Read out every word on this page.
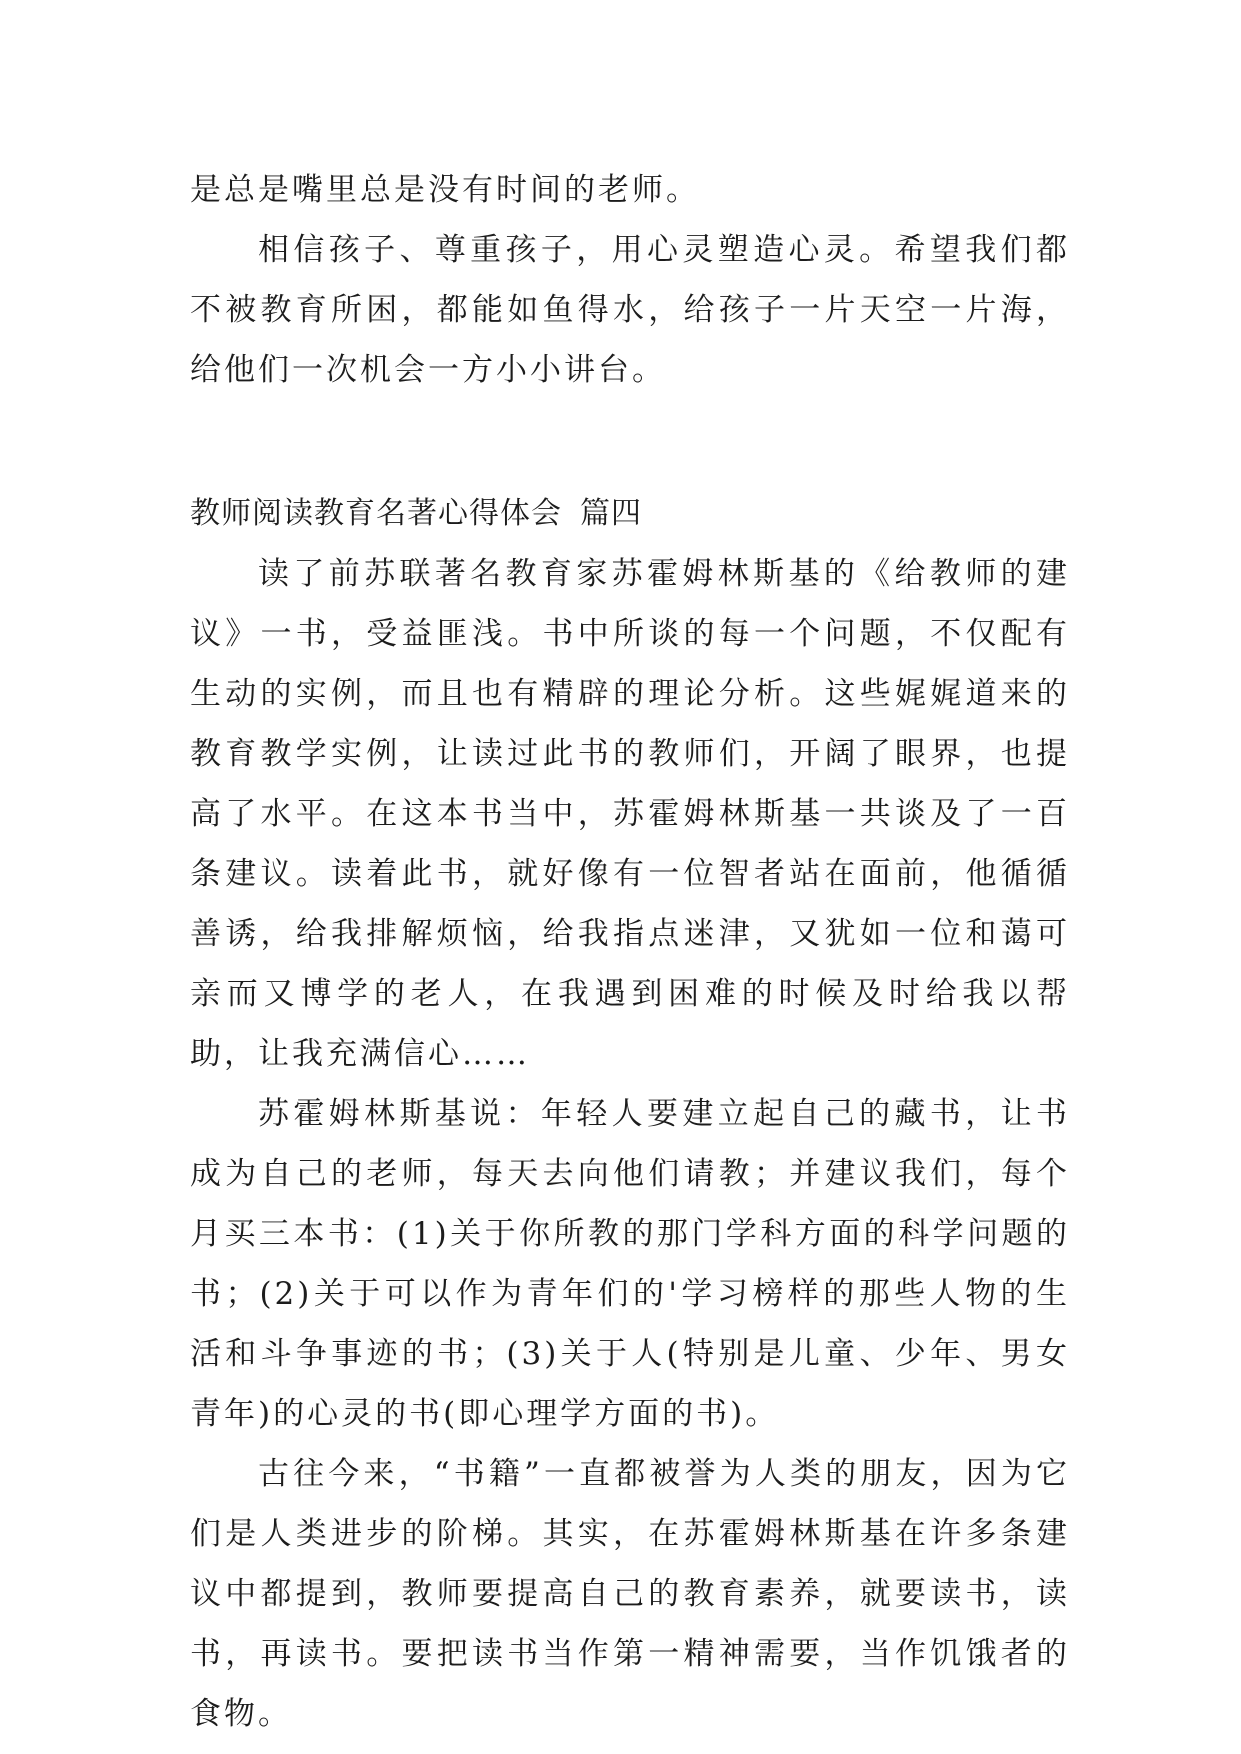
是总是嘴里总是没有时间的老师。

相信孩子、尊重孩子，用心灵塑造心灵。希望我们都不被教育所困，都能如鱼得水，给孩子一片天空一片海，给他们一次机会一方小小讲台。

教师阅读教育名著心得体会 篇四

读了前苏联著名教育家苏霍姆林斯基的《给教师的建议》一书，受益匪浅。书中所谈的每一个问题，不仅配有生动的实例，而且也有精辟的理论分析。这些娓娓道来的教育教学实例，让读过此书的教师们，开阔了眼界，也提高了水平。在这本书当中，苏霍姆林斯基一共谈及了一百条建议。读着此书，就好像有一位智者站在面前，他循循善诱，给我排解烦恼，给我指点迷津，又犹如一位和蔼可亲而又博学的老人，在我遇到困难的时候及时给我以帮助，让我充满信心……

苏霍姆林斯基说：年轻人要建立起自己的藏书，让书成为自己的老师，每天去向他们请教；并建议我们，每个月买三本书：(1)关于你所教的那门学科方面的科学问题的书；(2)关于可以作为青年们的'学习榜样的那些人物的生活和斗争事迹的书；(3)关于人(特别是儿童、少年、男女青年)的心灵的书(即心理学方面的书)。

古往今来，“书籍”一直都被誉为人类的朋友，因为它们是人类进步的阶梯。其实，在苏霍姆林斯基在许多条建议中都提到，教师要提高自己的教育素养，就要读书，读书，再读书。要把读书当作第一精神需要，当作饥饿者的食物。
